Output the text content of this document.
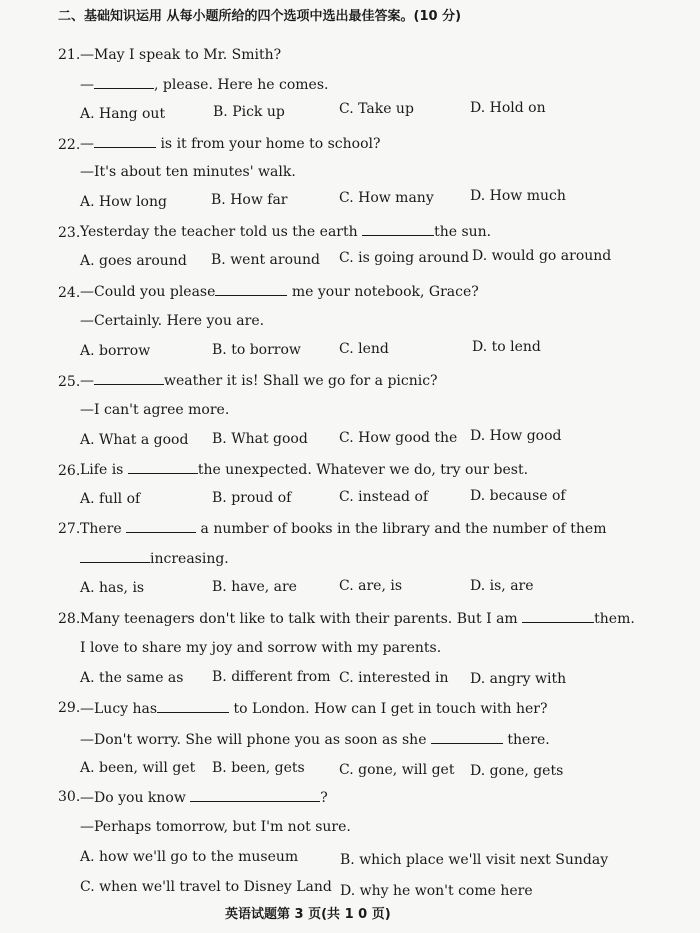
二、基础知识运用 从每小题所给的四个选项中选出最佳答案。(10 分)
21. —May I speak to Mr. Smith?
—	, please. Here he comes.
A. Hang out	B. Pick up	C. Take up	D. Hold on
22. —	is it from your home to school?
—It's about ten minutes' walk.
A. How long	B. How far	C. How many	D. How much
23. Yesterday the teacher told us the earth	the sun.
A. goes around B. went around C. is going around D. would go around
24. —Could you please	me your notebook, Grace?
—Certainly. Here you are.
A. borrow	B. to borrow	C. lend	D. to lend
25. —	weather it is! Shall we go for a picnic?
—I can't agree more.
A. What a good B. What good C. How good the D. How good
26. Life is	the unexpected. Whatever we do, try our best.
A. full of	B. proud of	C. instead of	D. because of
27. There	a number of books in the library and the number of them
increasing.
A. has, is	B. have, are	C. are, is	D. is, are
28. Many teenagers don't like to talk with their parents. But I am	them.
I love to share my joy and sorrow with my parents.
A. the same as B. different from C. interested in D. angry with
29. —Lucy has	to London. How can I get in touch with her?
—Don't worry. She will phone you as soon as she	there.
A. been, will get B. been, gets C. gone, will get D. gone, gets
30. —Do you know	?
—Perhaps tomorrow, but I'm not sure.
A. how we'll go to the museum	B. which place we'll visit next Sunday
C. when we'll travel to Disney Land D. why he won't come here
英语试题第 3 页(共 1 0 页)
